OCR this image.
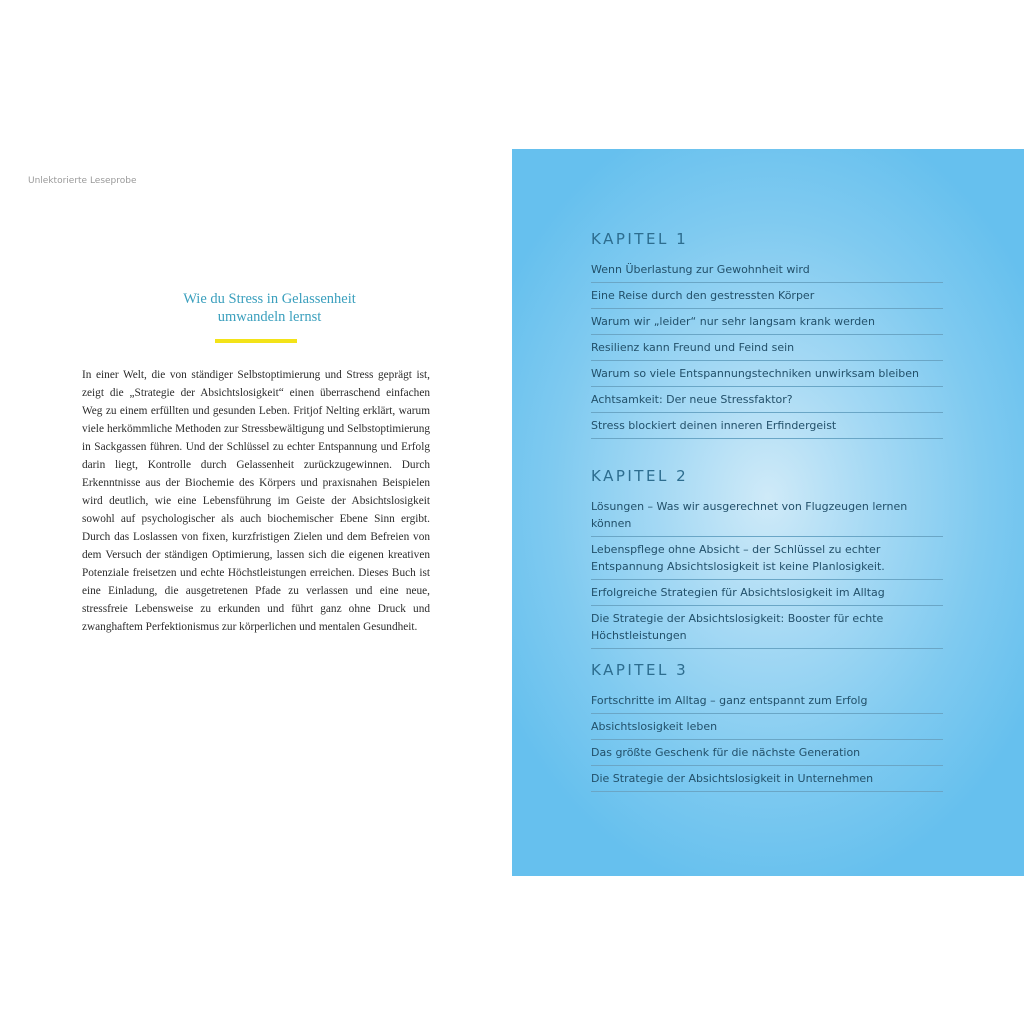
Unlektorierte Leseprobe
Wie du Stress in Gelassenheit
umwandeln lernst
In einer Welt, die von ständiger Selbstoptimierung und Stress geprägt ist, zeigt die „Strategie der Absichtslosigkeit“ einen überraschend einfachen Weg zu einem erfüllten und gesunden Leben. Fritjof Nelting erklärt, warum viele herkömmliche Methoden zur Stressbewältigung und Selbstoptimierung in Sackgassen führen. Und der Schlüssel zu echter Entspannung und Erfolg darin liegt, Kontrolle durch Gelassenheit zurückzugewinnen. Durch Erkenntnisse aus der Biochemie des Körpers und praxisnahen Beispielen wird deutlich, wie eine Lebensführung im Geiste der Absichtslosigkeit sowohl auf psychologischer als auch biochemischer Ebene Sinn ergibt. Durch das Loslassen von fixen, kurzfristigen Zielen und dem Befreien von dem Versuch der ständigen Optimierung, lassen sich die eigenen kreativen Potenziale freisetzen und echte Höchstleistungen erreichen. Dieses Buch ist eine Einladung, die ausgetretenen Pfade zu verlassen und eine neue, stressfreie Lebensweise zu erkunden und führt ganz ohne Druck und zwanghaftem Perfektionismus zur körperlichen und mentalen Gesundheit.
KAPITEL 1
Wenn Überlastung zur Gewohnheit wird
Eine Reise durch den gestressten Körper
Warum wir „leider“ nur sehr langsam krank werden
Resilienz kann Freund und Feind sein
Warum so viele Entspannungstechniken unwirksam bleiben
Achtsamkeit: Der neue Stressfaktor?
Stress blockiert deinen inneren Erfindergeist
KAPITEL 2
Lösungen – Was wir ausgerechnet von Flugzeugen lernen können
Lebenspflege ohne Absicht – der Schlüssel zu echter Entspannung Absichtslosigkeit ist keine Planlosigkeit.
Erfolgreiche Strategien für Absichtslosigkeit im Alltag
Die Strategie der Absichtslosigkeit: Booster für echte Höchstleistungen
KAPITEL 3
Fortschritte im Alltag – ganz entspannt zum Erfolg
Absichtslosigkeit leben
Das größte Geschenk für die nächste Generation
Die Strategie der Absichtslosigkeit in Unternehmen
